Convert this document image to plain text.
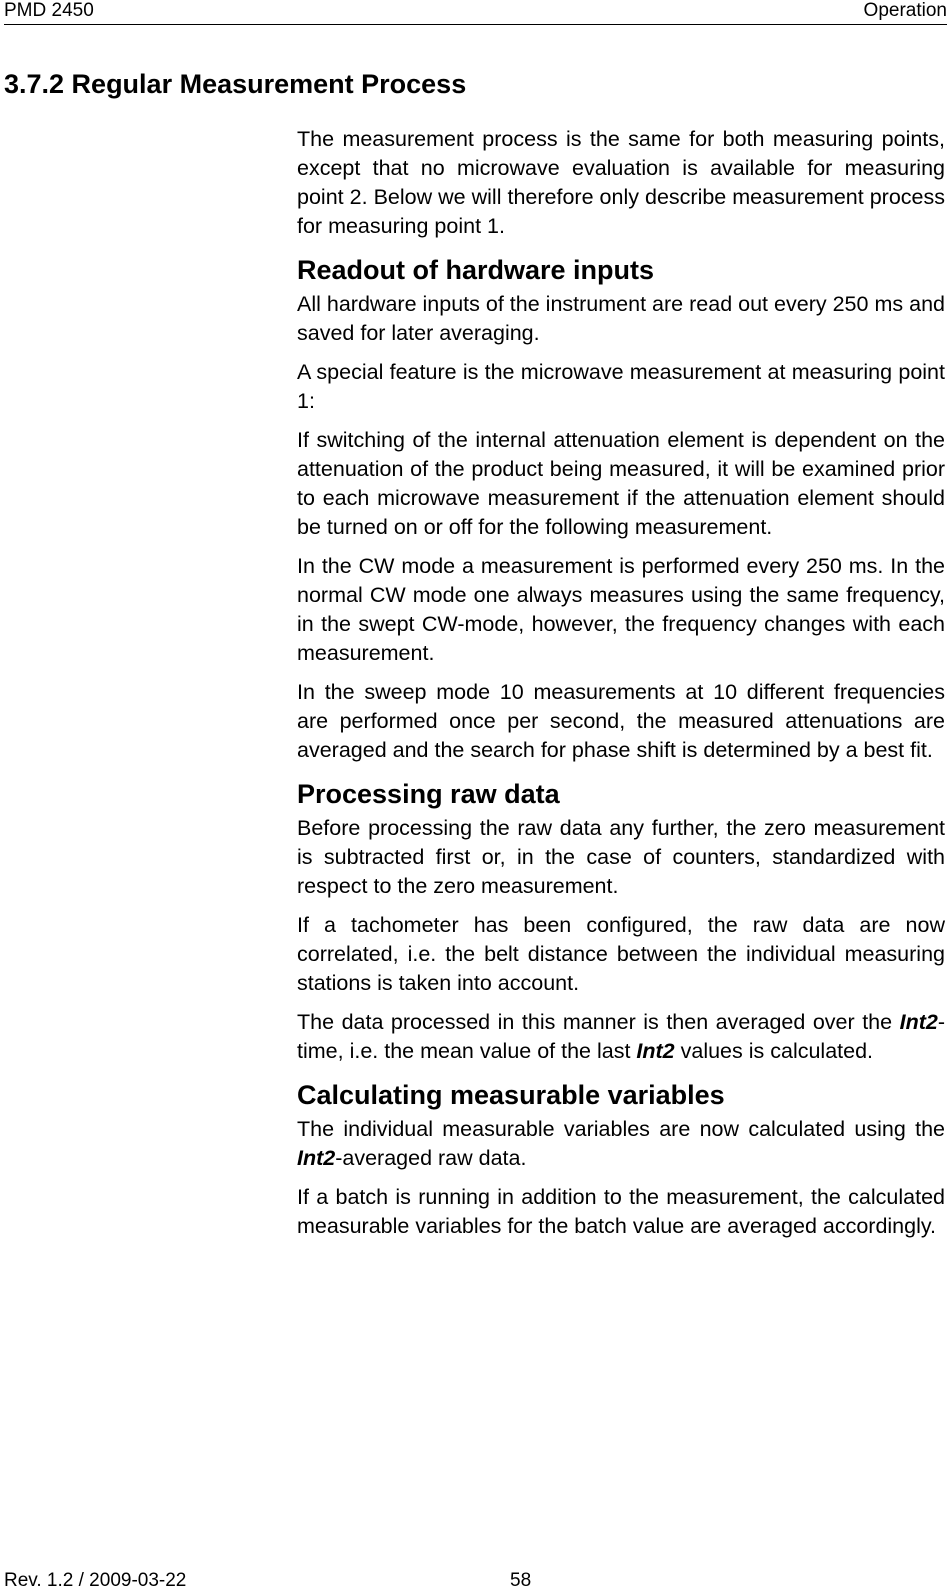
PMD 2450	Operation
3.7.2 Regular Measurement Process

The measurement process is the same for both measuring points, except that no microwave evaluation is available for measuring point 2. Below we will therefore only describe measurement process for measuring point 1.

Readout of hardware inputs

All hardware inputs of the instrument are read out every 250 ms and saved for later averaging.

A special feature is the microwave measurement at measuring point 1:

If switching of the internal attenuation element is dependent on the attenuation of the product being measured, it will be examined prior to each microwave measurement if the attenuation element should be turned on or off for the following measurement.

In the CW mode a measurement is performed every 250 ms. In the normal CW mode one always measures using the same frequency, in the swept CW-mode, however, the frequency changes with each measurement.

In the sweep mode 10 measurements at 10 different frequencies are performed once per second, the measured attenuations are averaged and the search for phase shift is determined by a best fit.

Processing raw data

Before processing the raw data any further, the zero measurement is subtracted first or, in the case of counters, standardized with respect to the zero measurement.

If a tachometer has been configured, the raw data are now correlated, i.e. the belt distance between the individual measuring stations is taken into account.

The data processed in this manner is then averaged over the Int2-time, i.e. the mean value of the last Int2 values is calculated.

Calculating measurable variables

The individual measurable variables are now calculated using the Int2-averaged raw data.

If a batch is running in addition to the measurement, the calculated measurable variables for the batch value are averaged accordingly.

Rev. 1.2 / 2009-03-22	58
